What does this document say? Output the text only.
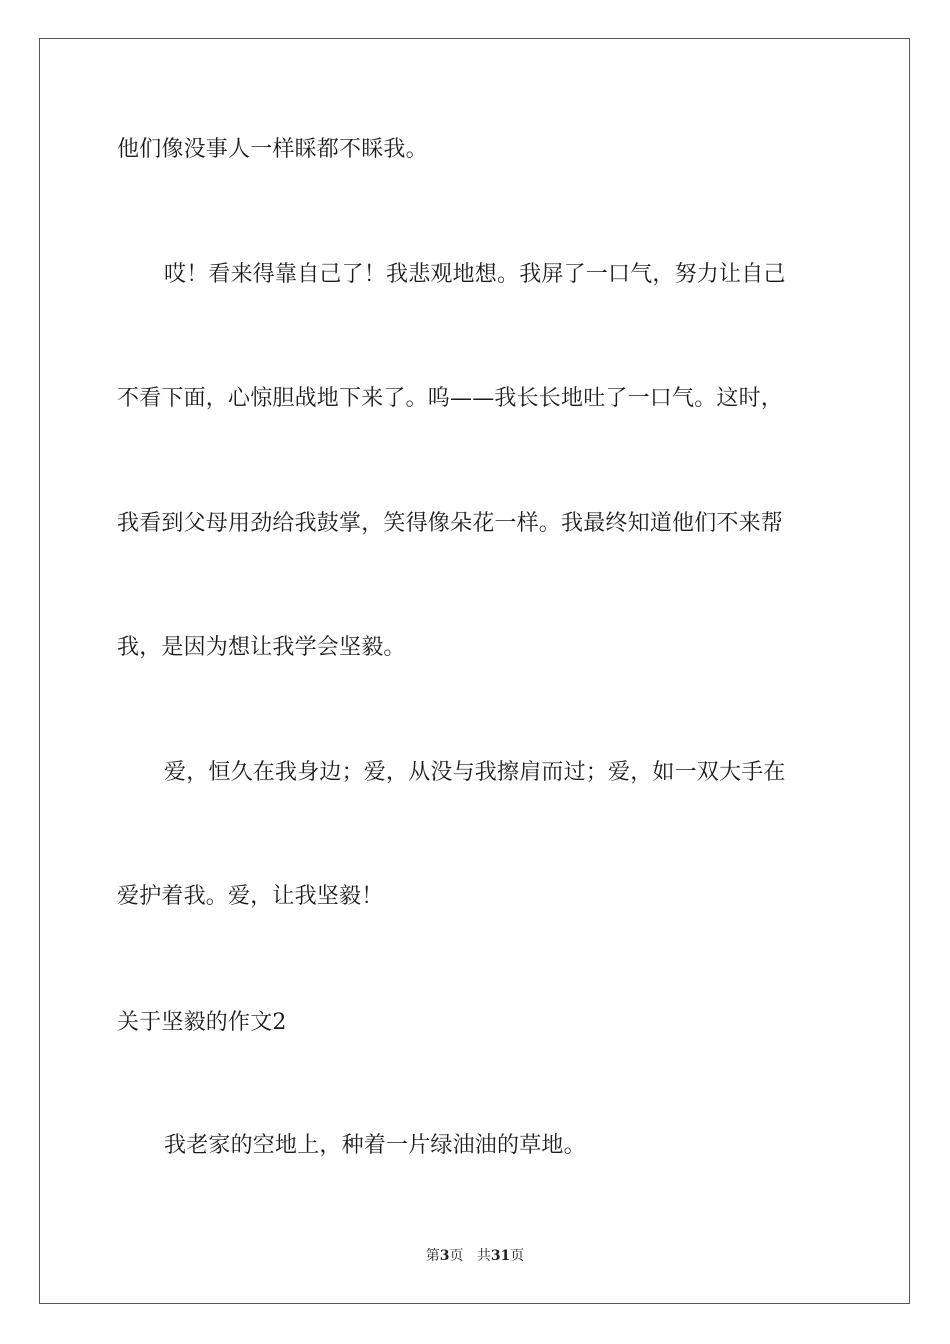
他们像没事人一样睬都不睬我。
哎！看来得靠自己了！我悲观地想。我屏了一口气，努力让自己
不看下面，心惊胆战地下来了。呜——我长长地吐了一口气。这时，
我看到父母用劲给我鼓掌，笑得像朵花一样。我最终知道他们不来帮
我，是因为想让我学会坚毅。
爱，恒久在我身边；爱，从没与我擦肩而过；爱，如一双大手在
爱护着我。爱，让我坚毅！
关于坚毅的作文2
我老家的空地上，种着一片绿油油的草地。
第3页 共31页
